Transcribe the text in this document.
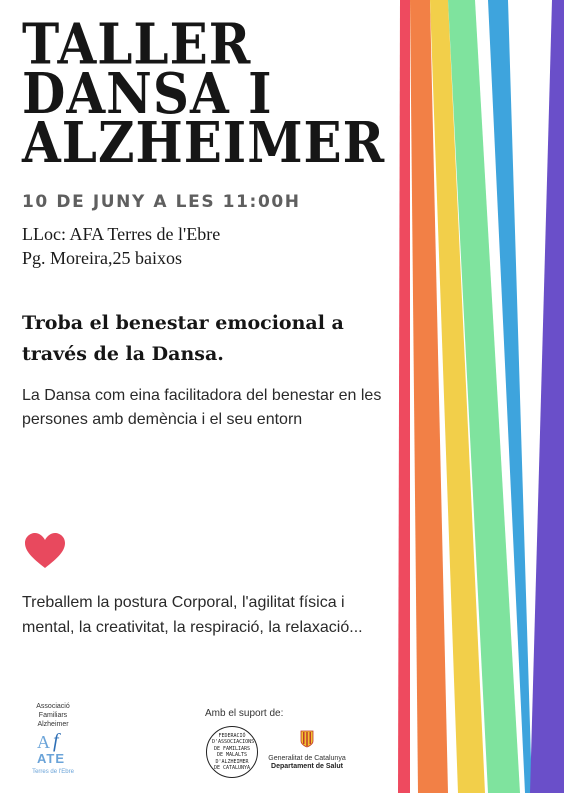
TALLER
DANSA I
ALZHEIMER
10 DE JUNY A LES 11:00H
LLoc: AFA Terres de l'Ebre
Pg. Moreira,25 baixos
Troba el benestar emocional a través de la Dansa.
La Dansa com eina facilitadora del benestar en les persones amb demència i el seu entorn
Treballem la postura Corporal, l'agilitat física i mental, la creativitat, la respiració, la relaxació...
Associació Familiars Alzheimer
A f
ATE
Terres de l'Ebre
Amb el suport de:
FEDERACIÓ D'ASSOCIACIONS DE FAMILIARS DE MALALTS D'ALZHEIMER DE CATALUNYA
Generalitat de Catalunya
Departament de Salut
